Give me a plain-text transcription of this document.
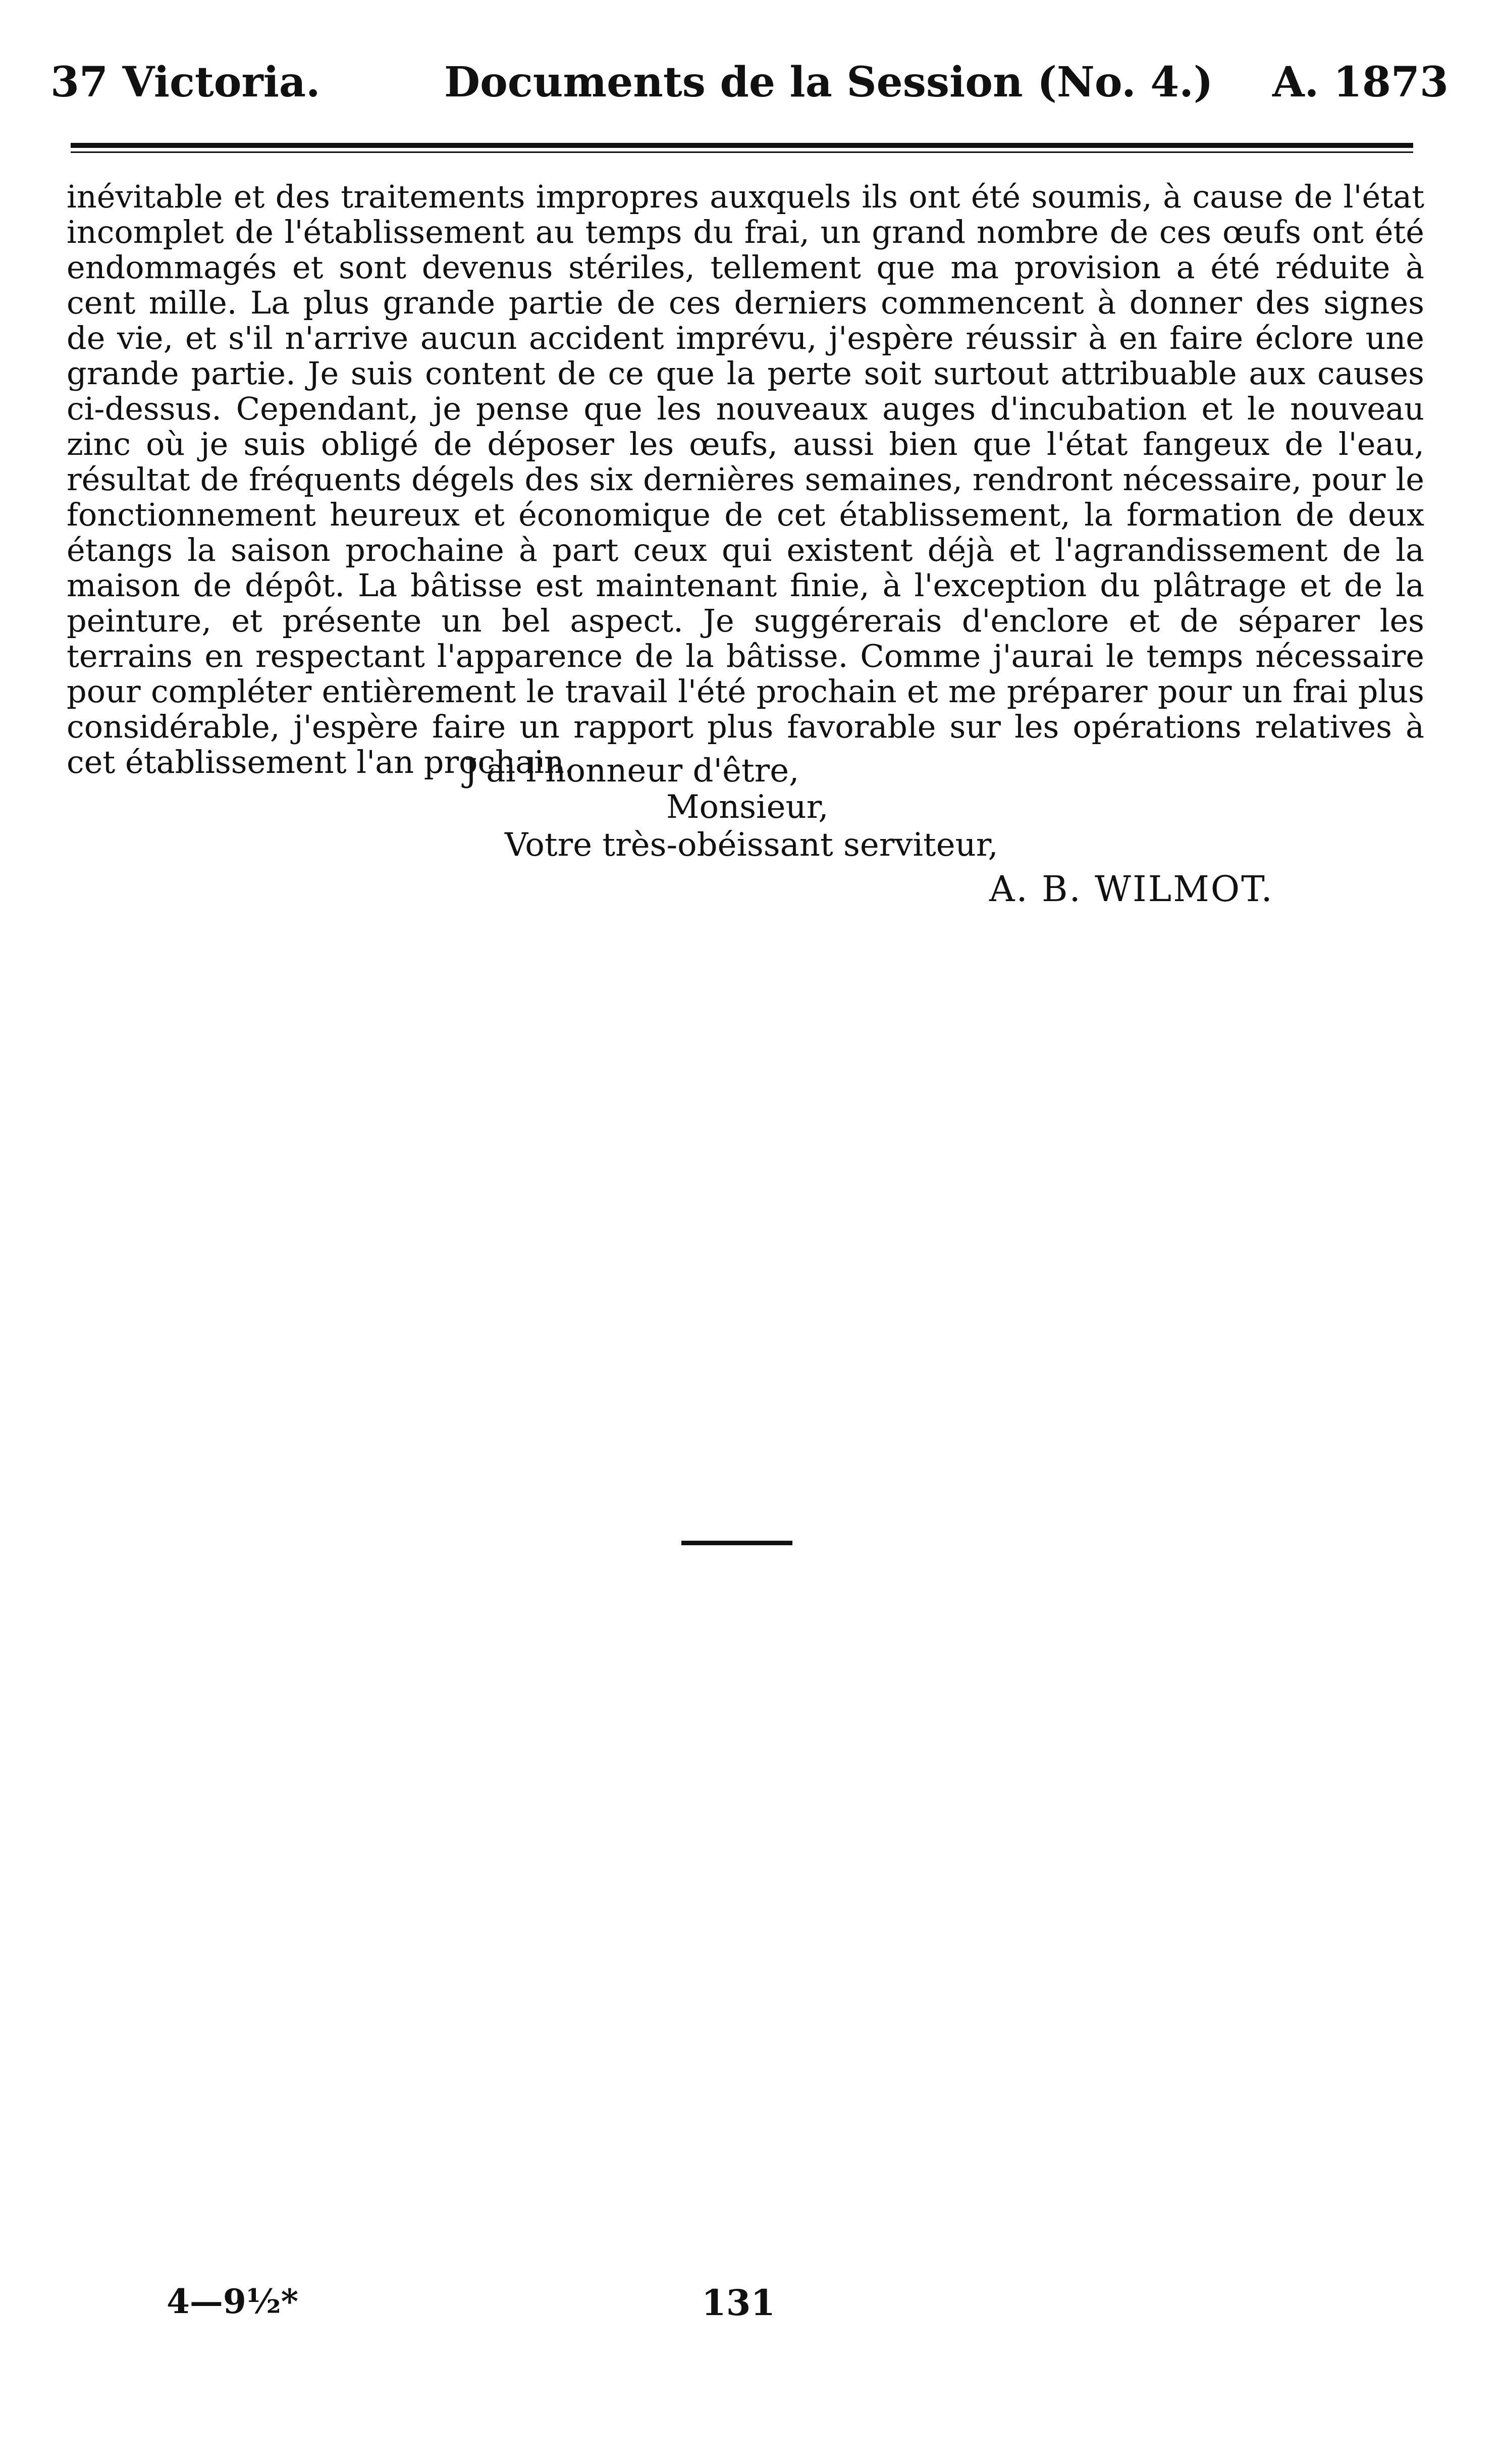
37 Victoria.	Documents de la Session (No. 4.) A. 1873
inévitable et des traitements impropres auxquels ils ont été soumis, à cause de l'état incomplet de l'établissement au temps du frai, un grand nombre de ces œufs ont été endommagés et sont devenus stériles, tellement que ma provision a été réduite à cent mille. La plus grande partie de ces derniers commencent à donner des signes de vie, et s'il n'arrive aucun accident imprévu, j'espère réussir à en faire éclore une grande partie. Je suis content de ce que la perte soit surtout attribuable aux causes ci-dessus. Cependant, je pense que les nouveaux auges d'incubation et le nouveau zinc où je suis obligé de déposer les œufs, aussi bien que l'état fangeux de l'eau, résultat de fréquents dégels des six dernières semaines, rendront nécessaire, pour le fonctionnement heureux et économique de cet établissement, la formation de deux étangs la saison prochaine à part ceux qui existent déjà et l'agrandissement de la maison de dépôt. La bâtisse est maintenant finie, à l'exception du plâtrage et de la peinture, et présente un bel aspect. Je suggérerais d'enclore et de séparer les terrains en respectant l'apparence de la bâtisse. Comme j'aurai le temps nécessaire pour compléter entièrement le travail l'été prochain et me préparer pour un frai plus considérable, j'espère faire un rapport plus favorable sur les opérations relatives à cet établissement l'an prochain.
J'ai l'honneur d'être,
Monsieur,
Votre très-obéissant serviteur,
A. B. WILMOT.
4—9½*	131
